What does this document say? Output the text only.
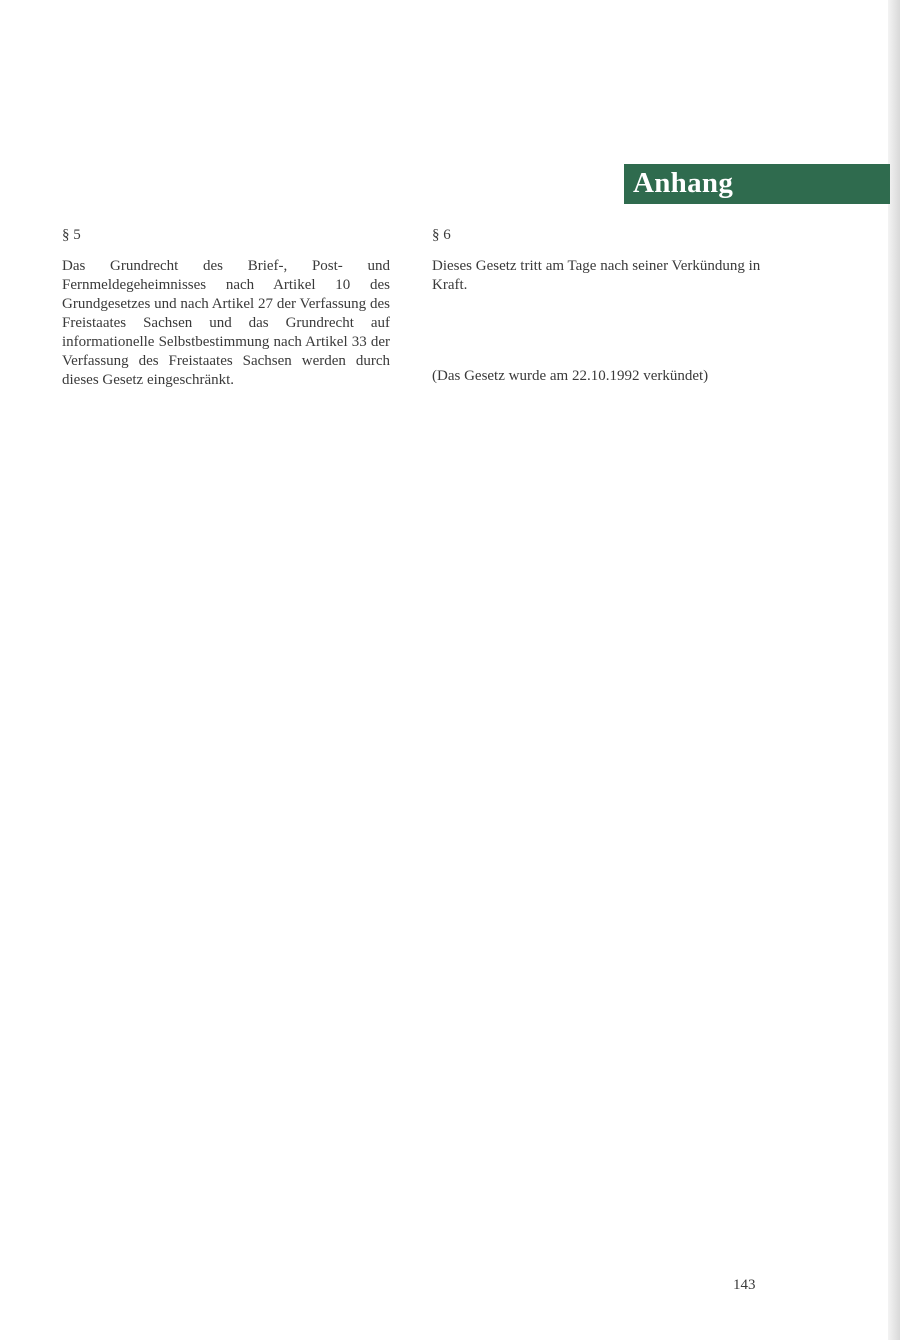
Anhang
§ 5

Das Grundrecht des Brief-, Post- und Fernmeldegeheimnisses nach Artikel 10 des Grundgesetzes und nach Artikel 27 der Verfassung des Freistaates Sachsen und das Grundrecht auf informationelle Selbstbestimmung nach Artikel 33 der Verfassung des Freistaates Sachsen werden durch dieses Gesetz eingeschränkt.

§ 6

Dieses Gesetz tritt am Tage nach seiner Verkündung in Kraft.

(Das Gesetz wurde am 22.10.1992 verkündet)
143
